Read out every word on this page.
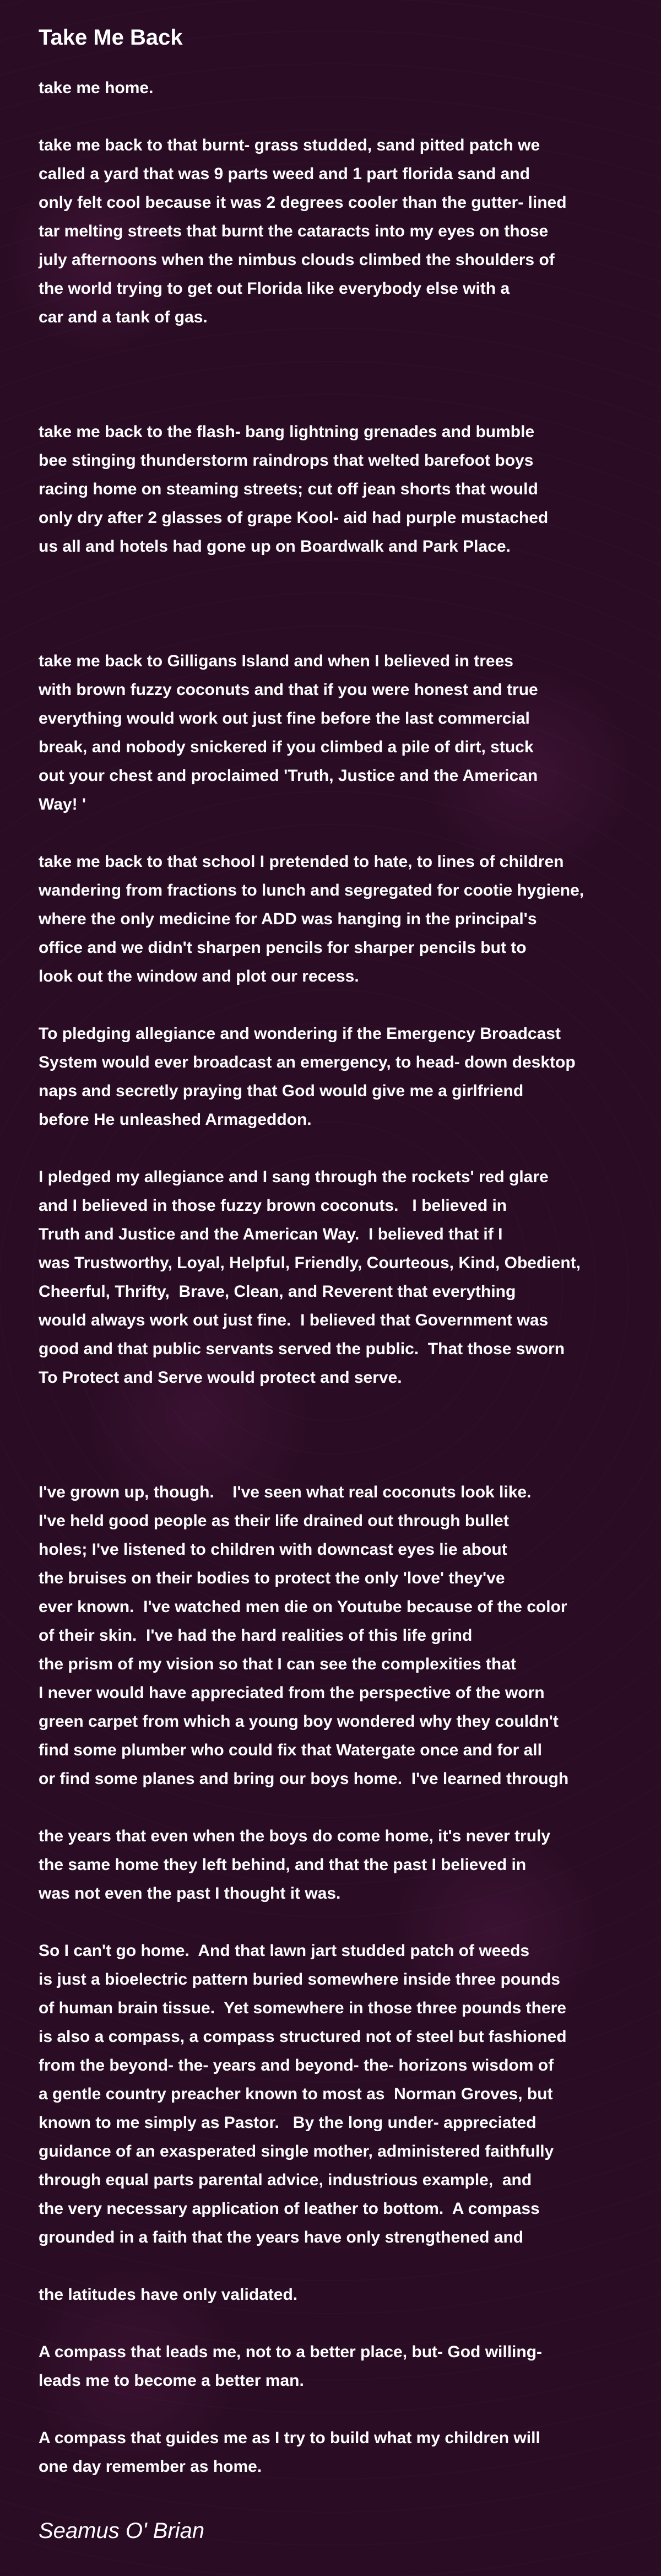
Take Me Back

take me home.

take me back to that burnt- grass studded, sand pitted patch we
called a yard that was 9 parts weed and 1 part florida sand and
only felt cool because it was 2 degrees cooler than the gutter- lined
tar melting streets that burnt the cataracts into my eyes on those
july afternoons when the nimbus clouds climbed the shoulders of
the world trying to get out Florida like everybody else with a
car and a tank of gas.

take me back to the flash- bang lightning grenades and bumble
bee stinging thunderstorm raindrops that welted barefoot boys
racing home on steaming streets; cut off jean shorts that would
only dry after 2 glasses of grape Kool- aid had purple mustached
us all and hotels had gone up on Boardwalk and Park Place.

take me back to Gilligans Island and when I believed in trees
with brown fuzzy coconuts and that if you were honest and true
everything would work out just fine before the last commercial
break, and nobody snickered if you climbed a pile of dirt, stuck
out your chest and proclaimed 'Truth, Justice and the American
Way! '

take me back to that school I pretended to hate, to lines of children
wandering from fractions to lunch and segregated for cootie hygiene,
where the only medicine for ADD was hanging in the principal's
office and we didn't sharpen pencils for sharper pencils but to
look out the window and plot our recess.

To pledging allegiance and wondering if the Emergency Broadcast
System would ever broadcast an emergency, to head- down desktop
naps and secretly praying that God would give me a girlfriend
before He unleashed Armageddon.

I pledged my allegiance and I sang through the rockets' red glare
and I believed in those fuzzy brown coconuts.   I believed in
Truth and Justice and the American Way.  I believed that if I
was Trustworthy, Loyal, Helpful, Friendly, Courteous, Kind, Obedient,
Cheerful, Thrifty,  Brave, Clean, and Reverent that everything
would always work out just fine.  I believed that Government was
good and that public servants served the public.  That those sworn
To Protect and Serve would protect and serve.

I've grown up, though.    I've seen what real coconuts look like.
I've held good people as their life drained out through bullet
holes; I've listened to children with downcast eyes lie about
the bruises on their bodies to protect the only 'love' they've
ever known.  I've watched men die on Youtube because of the color
of their skin.  I've had the hard realities of this life grind
the prism of my vision so that I can see the complexities that
I never would have appreciated from the perspective of the worn
green carpet from which a young boy wondered why they couldn't
find some plumber who could fix that Watergate once and for all
or find some planes and bring our boys home.  I've learned through

the years that even when the boys do come home, it's never truly
the same home they left behind, and that the past I believed in
was not even the past I thought it was.

So I can't go home.  And that lawn jart studded patch of weeds
is just a bioelectric pattern buried somewhere inside three pounds
of human brain tissue.  Yet somewhere in those three pounds there
is also a compass, a compass structured not of steel but fashioned
from the beyond- the- years and beyond- the- horizons wisdom of
a gentle country preacher known to most as  Norman Groves, but
known to me simply as Pastor.   By the long under- appreciated
guidance of an exasperated single mother, administered faithfully
through equal parts parental advice, industrious example,  and
the very necessary application of leather to bottom.  A compass
grounded in a faith that the years have only strengthened and

the latitudes have only validated.

A compass that leads me, not to a better place, but- God willing-
leads me to become a better man.

A compass that guides me as I try to build what my children will
one day remember as home.

Seamus O' Brian
